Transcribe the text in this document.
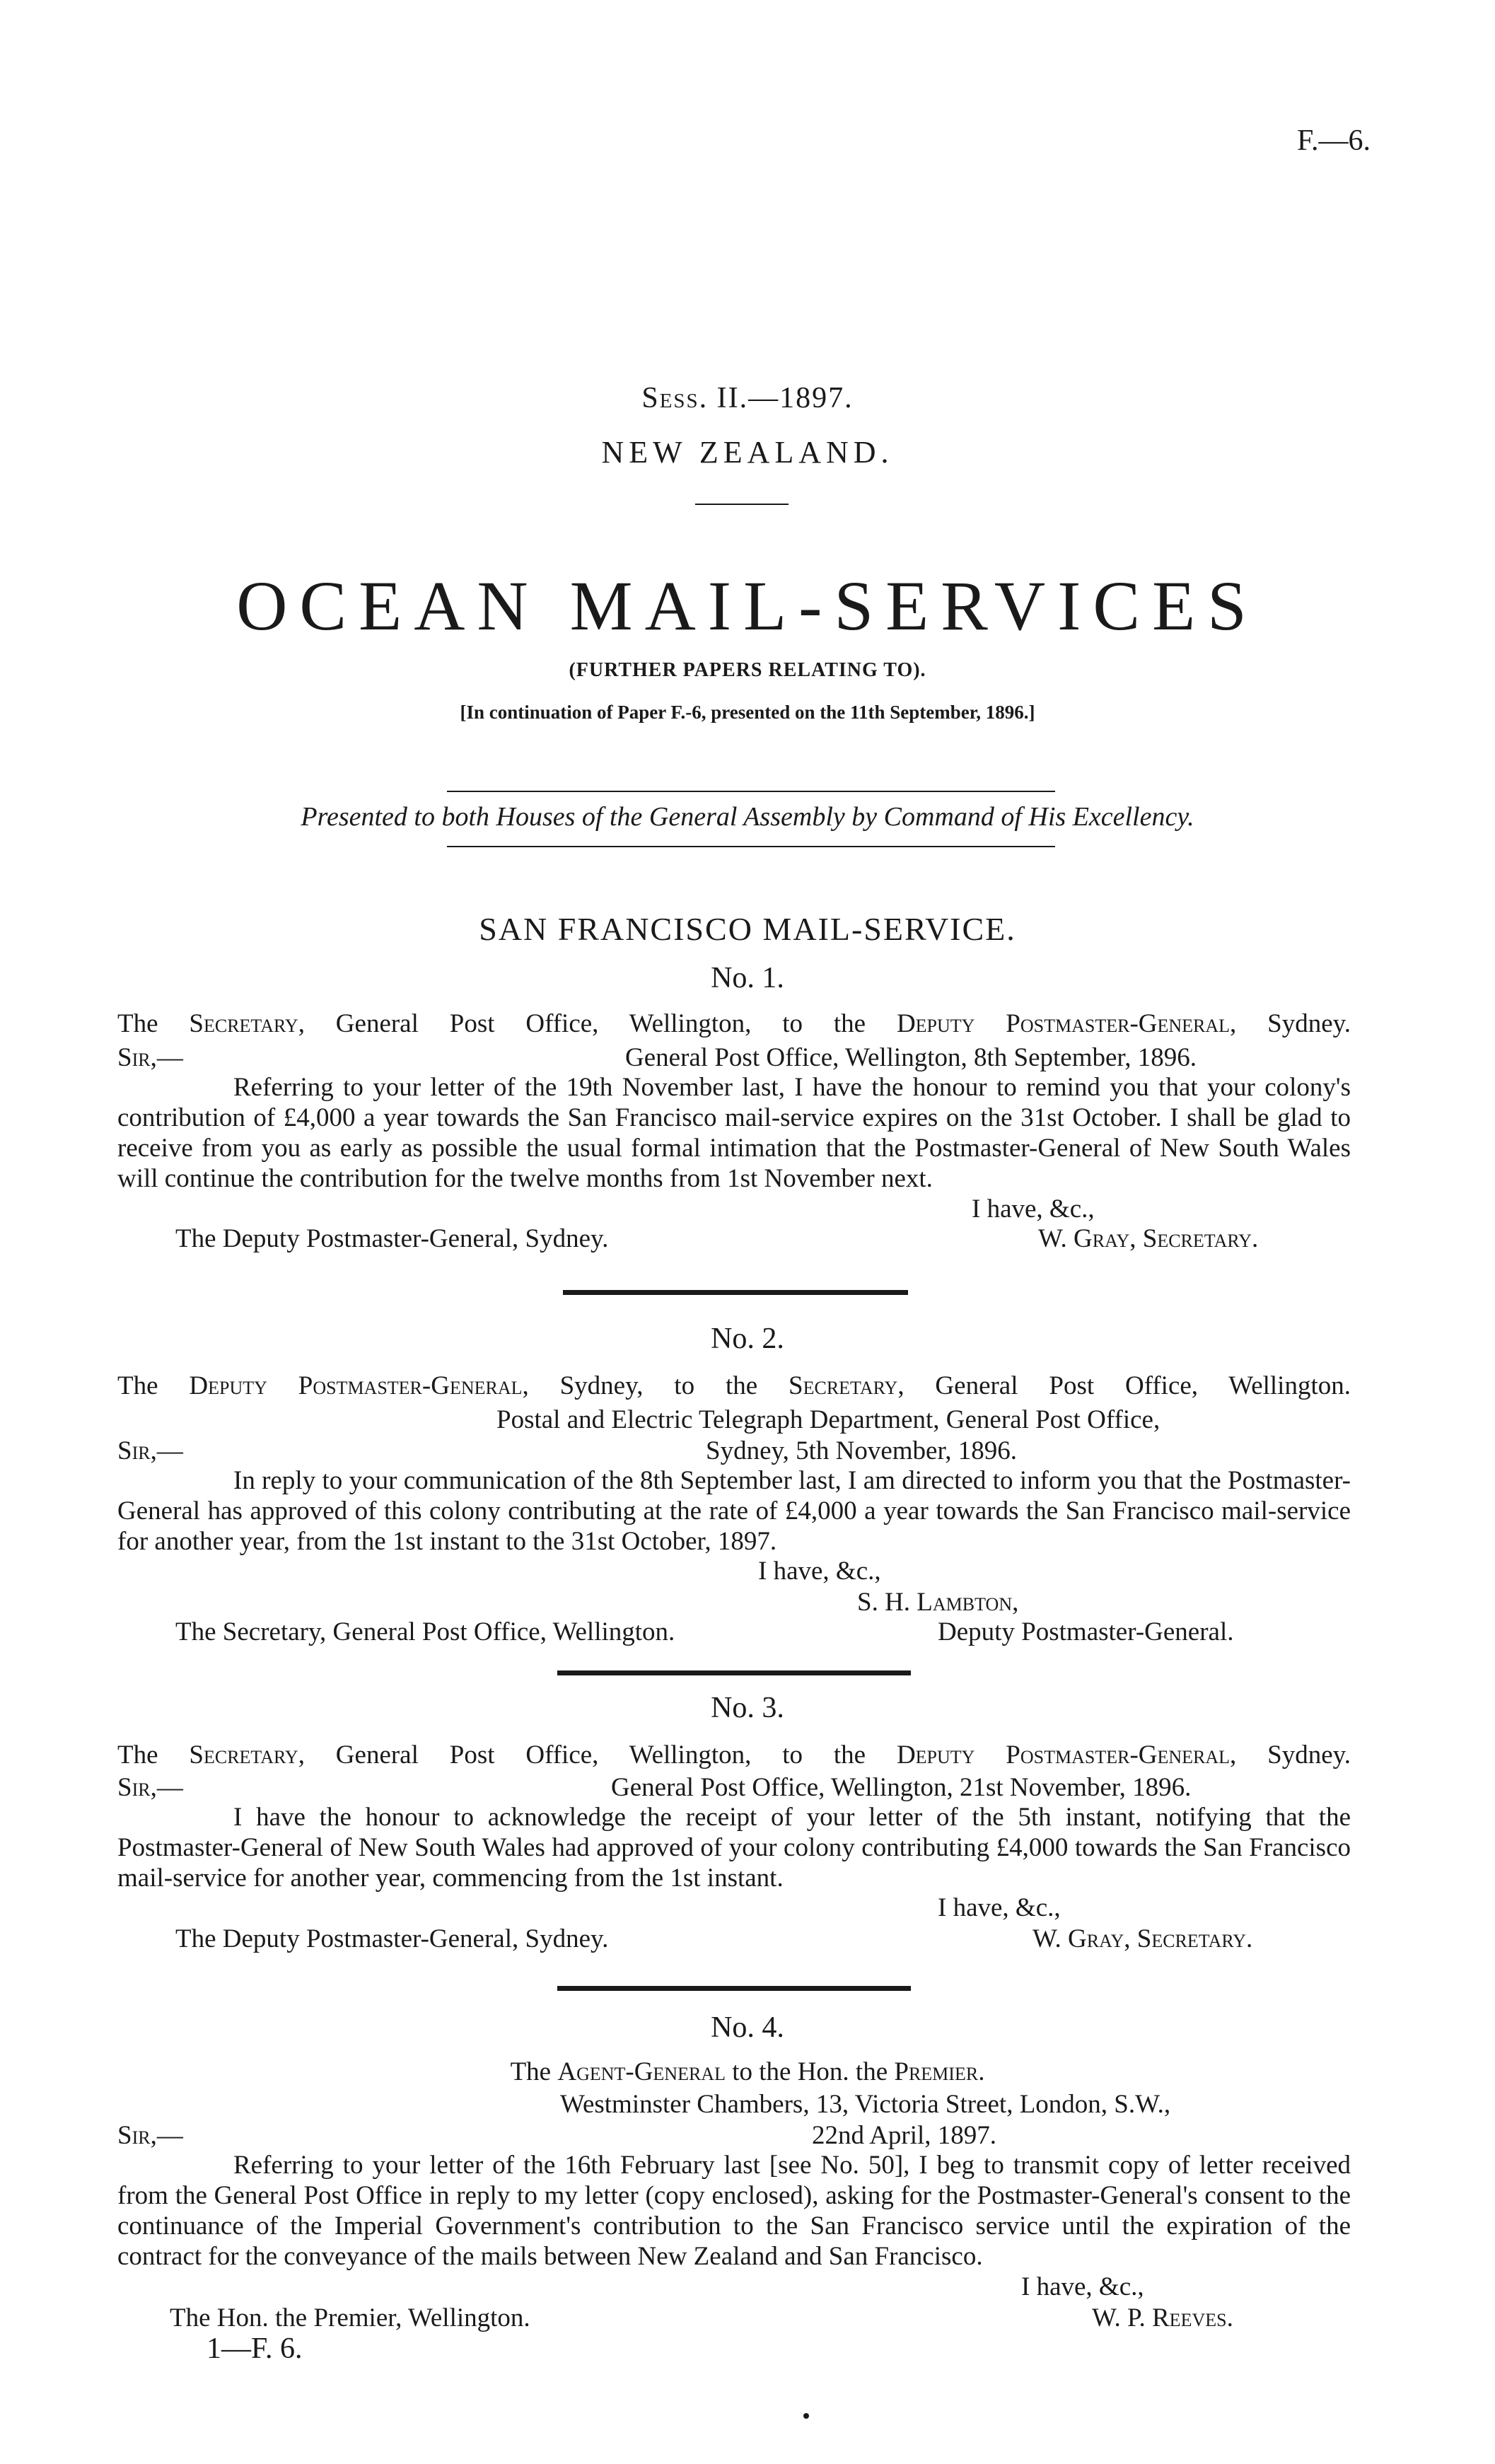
F.—6.
Sess. II.—1897.
NEW ZEALAND.
OCEAN MAIL-SERVICES
(FURTHER PAPERS RELATING TO).
[In continuation of Paper F.-6, presented on the 11th September, 1896.]
Presented to both Houses of the General Assembly by Command of His Excellency.
SAN FRANCISCO MAIL-SERVICE.
No. 1.
The Secretary, General Post Office, Wellington, to the Deputy Postmaster-General, Sydney.
Sir,—	General Post Office, Wellington, 8th September, 1896.
Referring to your letter of the 19th November last, I have the honour to remind you that your colony's contribution of £4,000 a year towards the San Francisco mail-service expires on the 31st October. I shall be glad to receive from you as early as possible the usual formal intimation that the Postmaster-General of New South Wales will continue the contribution for the twelve months from 1st November next.
I have, &c.,
The Deputy Postmaster-General, Sydney.	W. Gray, Secretary.
No. 2.
The Deputy Postmaster-General, Sydney, to the Secretary, General Post Office, Wellington.
Postal and Electric Telegraph Department, General Post Office,
Sir,—	Sydney, 5th November, 1896.
In reply to your communication of the 8th September last, I am directed to inform you that the Postmaster-General has approved of this colony contributing at the rate of £4,000 a year towards the San Francisco mail-service for another year, from the 1st instant to the 31st October, 1897.
I have, &c.,
S. H. Lambton,
The Secretary, General Post Office, Wellington.	Deputy Postmaster-General.
No. 3.
The Secretary, General Post Office, Wellington, to the Deputy Postmaster-General, Sydney.
Sir,—	General Post Office, Wellington, 21st November, 1896.
I have the honour to acknowledge the receipt of your letter of the 5th instant, notifying that the Postmaster-General of New South Wales had approved of your colony contributing £4,000 towards the San Francisco mail-service for another year, commencing from the 1st instant.
I have, &c.,
The Deputy Postmaster-General, Sydney.	W. Gray, Secretary.
No. 4.
The Agent-General to the Hon. the Premier.
Westminster Chambers, 13, Victoria Street, London, S.W.,
Sir,—	22nd April, 1897.
Referring to your letter of the 16th February last [see No. 50], I beg to transmit copy of letter received from the General Post Office in reply to my letter (copy enclosed), asking for the Postmaster-General's consent to the continuance of the Imperial Government's contribution to the San Francisco service until the expiration of the contract for the conveyance of the mails between New Zealand and San Francisco.
I have, &c.,
The Hon. the Premier, Wellington.	W. P. Reeves.
1—F. 6.
